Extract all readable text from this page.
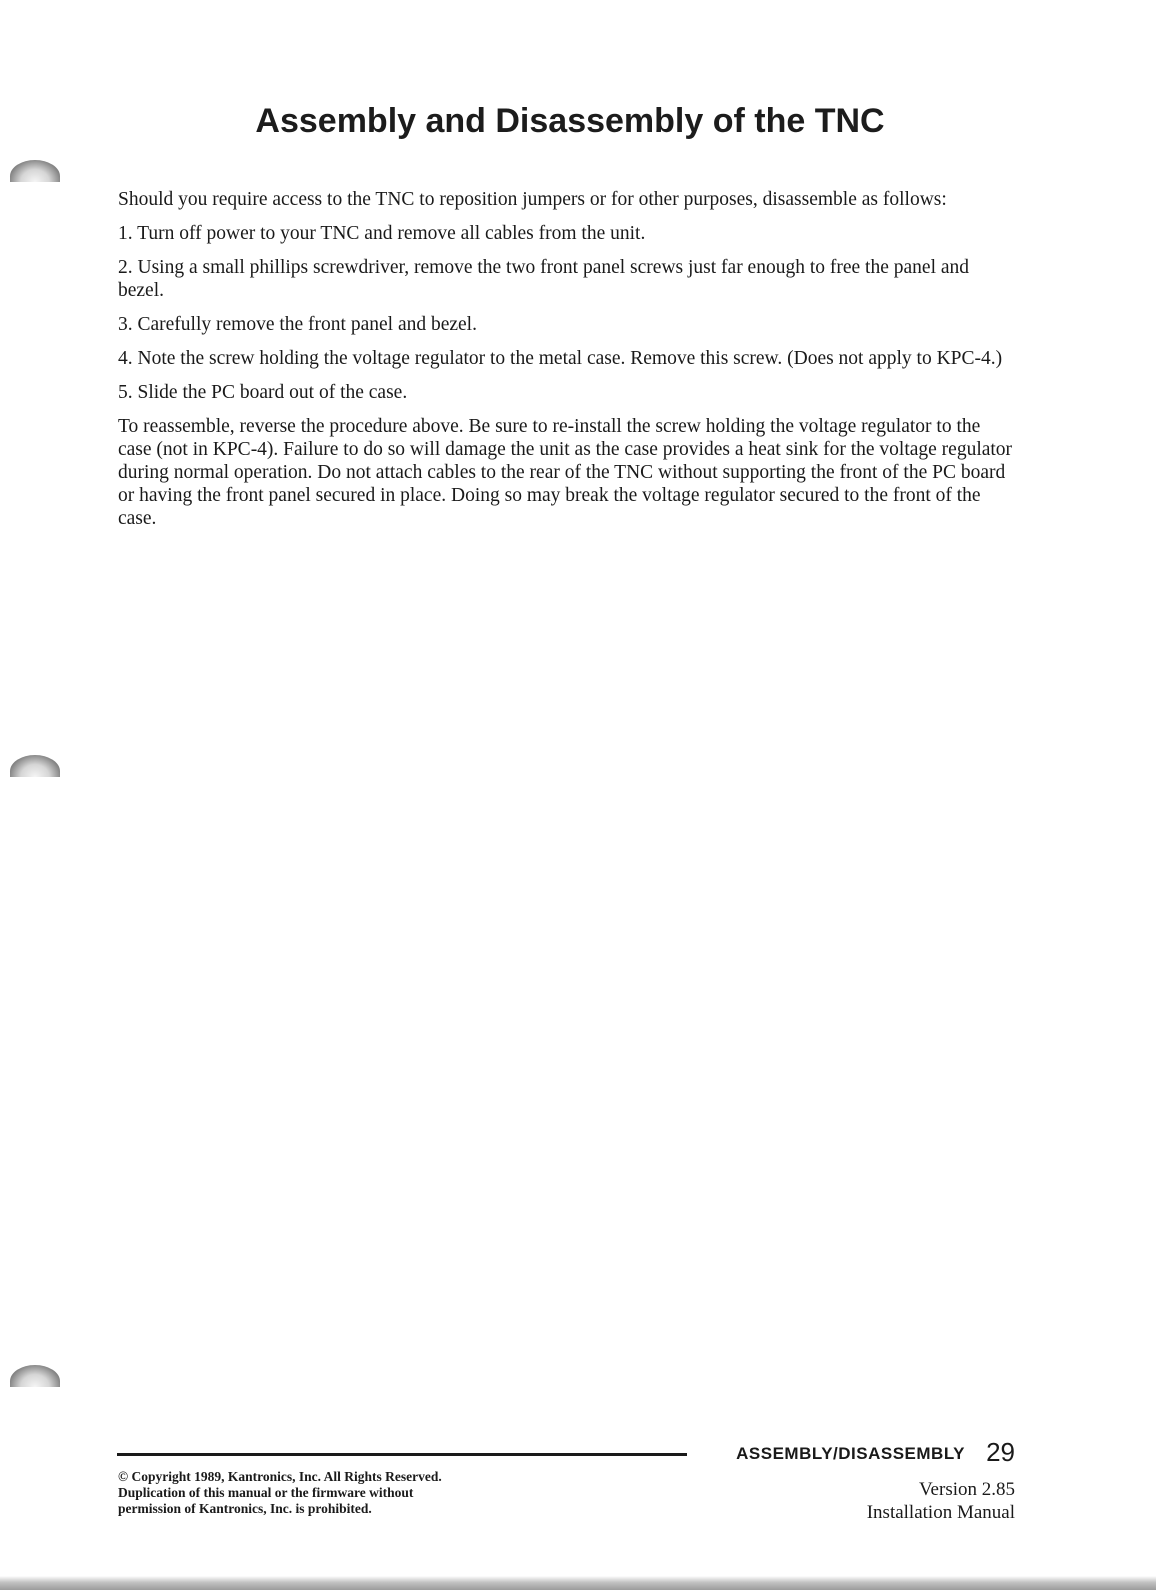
Assembly and Disassembly of the TNC

Should you require access to the TNC to reposition jumpers or for other purposes, disassemble as follows:

1. Turn off power to your TNC and remove all cables from the unit.

2. Using a small phillips screwdriver, remove the two front panel screws just far enough to free the panel and bezel.

3. Carefully remove the front panel and bezel.

4. Note the screw holding the voltage regulator to the metal case. Remove this screw. (Does not apply to KPC-4.)

5. Slide the PC board out of the case.

To reassemble, reverse the procedure above. Be sure to re-install the screw holding the voltage regulator to the case (not in KPC-4). Failure to do so will damage the unit as the case provides a heat sink for the voltage regulator during normal operation. Do not attach cables to the rear of the TNC without supporting the front of the PC board or having the front panel secured in place. Doing so may break the voltage regulator secured to the front of the case.

ASSEMBLY/DISASSEMBLY 29
© Copyright 1989, Kantronics, Inc. All Rights Reserved.
Duplication of this manual or the firmware without
permission of Kantronics, Inc. is prohibited.
Version 2.85
Installation Manual
